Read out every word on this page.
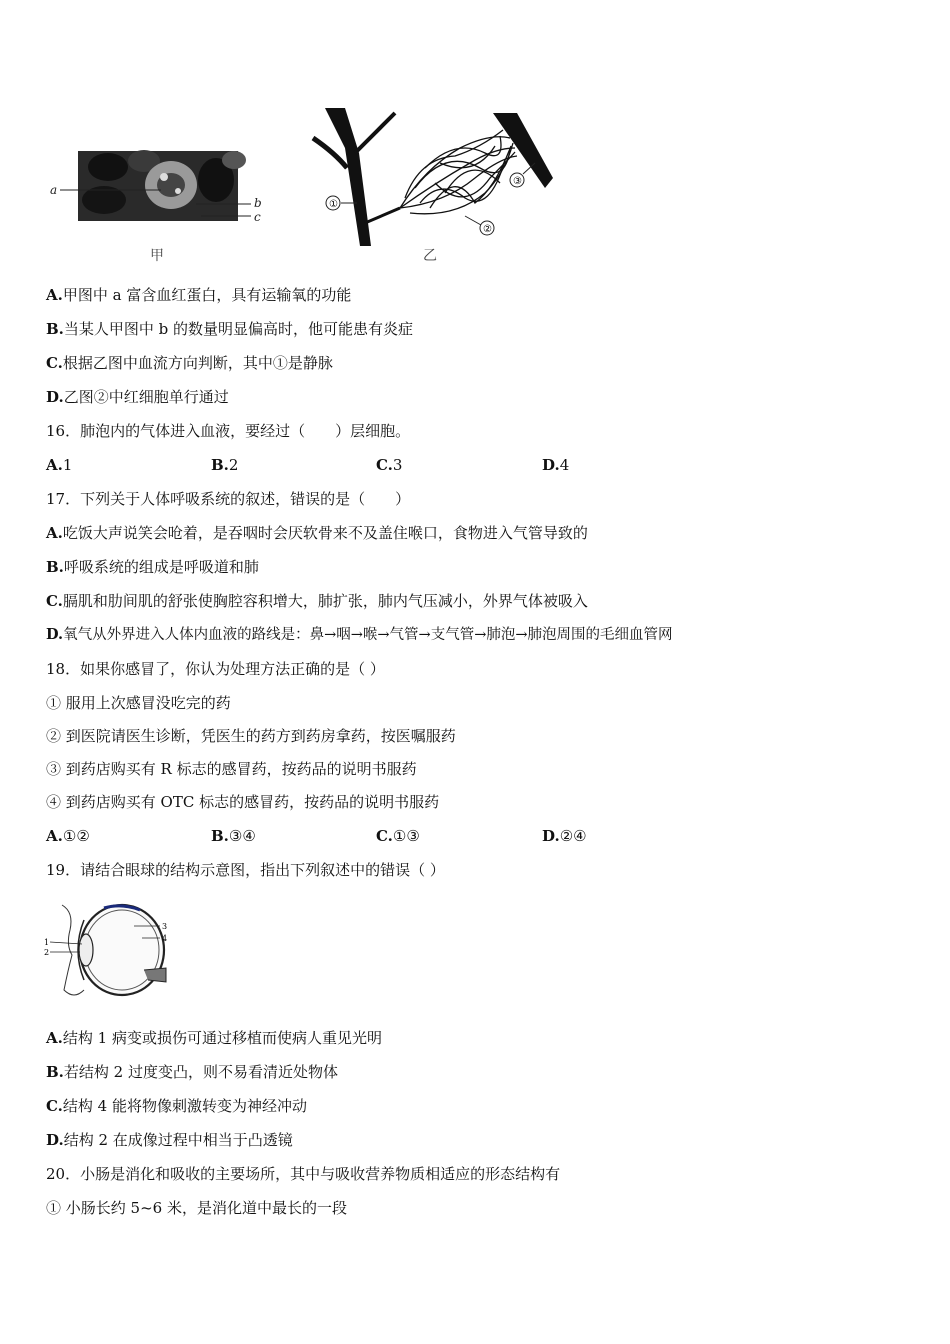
a
b
c
甲
①
②
③
乙
A.甲图中 a 富含血红蛋白，具有运输氧的功能
B.当某人甲图中 b 的数量明显偏高时，他可能患有炎症
C.根据乙图中血流方向判断，其中①是静脉
D.乙图②中红细胞单行通过
16．肺泡内的气体进入血液，要经过（　　）层细胞。
A.1	B.2	C.3	D.4
17．下列关于人体呼吸系统的叙述，错误的是（　　）
A.吃饭大声说笑会呛着，是吞咽时会厌软骨来不及盖住喉口，食物进入气管导致的
B.呼吸系统的组成是呼吸道和肺
C.膈肌和肋间肌的舒张使胸腔容积增大，肺扩张，肺内气压减小，外界气体被吸入
D.氧气从外界进入人体内血液的路线是：鼻→咽→喉→气管→支气管→肺泡→肺泡周围的毛细血管网
18．如果你感冒了，你认为处理方法正确的是（ ）
① 服用上次感冒没吃完的药
② 到医院请医生诊断，凭医生的药方到药房拿药，按医嘱服药
③ 到药店购买有 R 标志的感冒药，按药品的说明书服药
④ 到药店购买有 OTC 标志的感冒药，按药品的说明书服药
A.①②	B.③④	C.①③	D.②④
19．请结合眼球的结构示意图，指出下列叙述中的错误（ ）
1
2
3
4
A.结构 1 病变或损伤可通过移植而使病人重见光明
B.若结构 2 过度变凸，则不易看清近处物体
C.结构 4 能将物像刺激转变为神经冲动
D.结构 2 在成像过程中相当于凸透镜
20．小肠是消化和吸收的主要场所，其中与吸收营养物质相适应的形态结构有
① 小肠长约 5~6 米，是消化道中最长的一段
